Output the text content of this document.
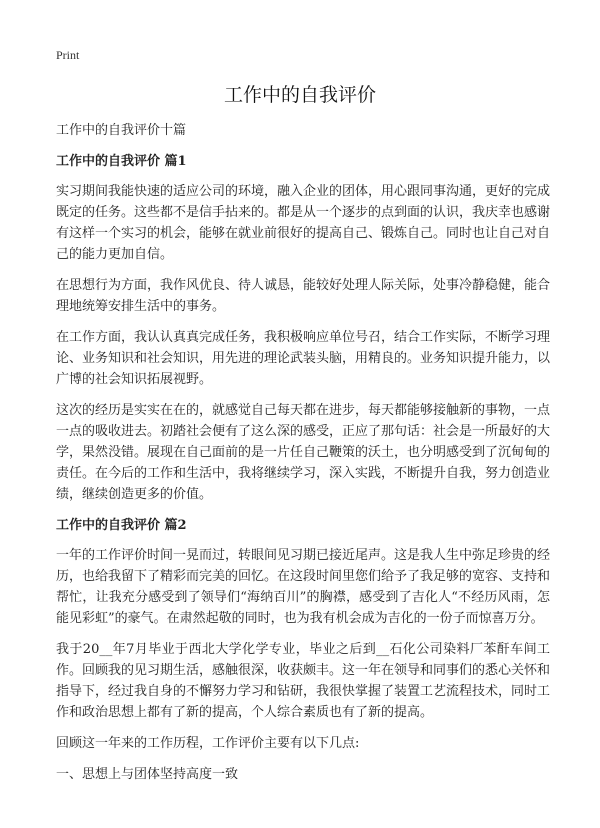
Print
工作中的自我评价

工作中的自我评价十篇

工作中的自我评价 篇1

实习期间我能快速的适应公司的环境，融入企业的团体，用心跟同事沟通，更好的完成既定的任务。这些都不是信手拈来的。都是从一个逐步的点到面的认识，我庆幸也感谢有这样一个实习的机会，能够在就业前很好的提高自己、锻炼自己。同时也让自己对自己的能力更加自信。

在思想行为方面，我作风优良、待人诚恳，能较好处理人际关际，处事冷静稳健，能合理地统筹安排生活中的事务。

在工作方面，我认认真真完成任务，我积极响应单位号召，结合工作实际，不断学习理论、业务知识和社会知识，用先进的理论武装头脑，用精良的。业务知识提升能力，以广博的社会知识拓展视野。

这次的经历是实实在在的，就感觉自己每天都在进步，每天都能够接触新的事物，一点一点的吸收进去。初踏社会便有了这么深的感受，正应了那句话：社会是一所最好的大学，果然没错。展现在自己面前的是一片任自己鞭策的沃土，也分明感受到了沉甸甸的责任。在今后的工作和生活中，我将继续学习，深入实践，不断提升自我，努力创造业绩，继续创造更多的价值。

工作中的自我评价 篇2

一年的工作评价时间一晃而过，转眼间见习期已接近尾声。这是我人生中弥足珍贵的经历，也给我留下了精彩而完美的回忆。在这段时间里您们给予了我足够的宽容、支持和帮忙，让我充分感受到了领导们“海纳百川”的胸襟，感受到了吉化人“不经历风雨，怎能见彩虹”的豪气。在肃然起敬的同时，也为我有机会成为吉化的一份子而惊喜万分。

我于20__年7月毕业于西北大学化学专业，毕业之后到__石化公司染料厂苯酐车间工作。回顾我的见习期生活，感触很深，收获颇丰。这一年在领导和同事们的悉心关怀和指导下，经过我自身的不懈努力学习和钻研，我很快掌握了装置工艺流程技术，同时工作和政治思想上都有了新的提高，个人综合素质也有了新的提高。

回顾这一年来的工作历程，工作评价主要有以下几点:

一、思想上与团体坚持高度一致
